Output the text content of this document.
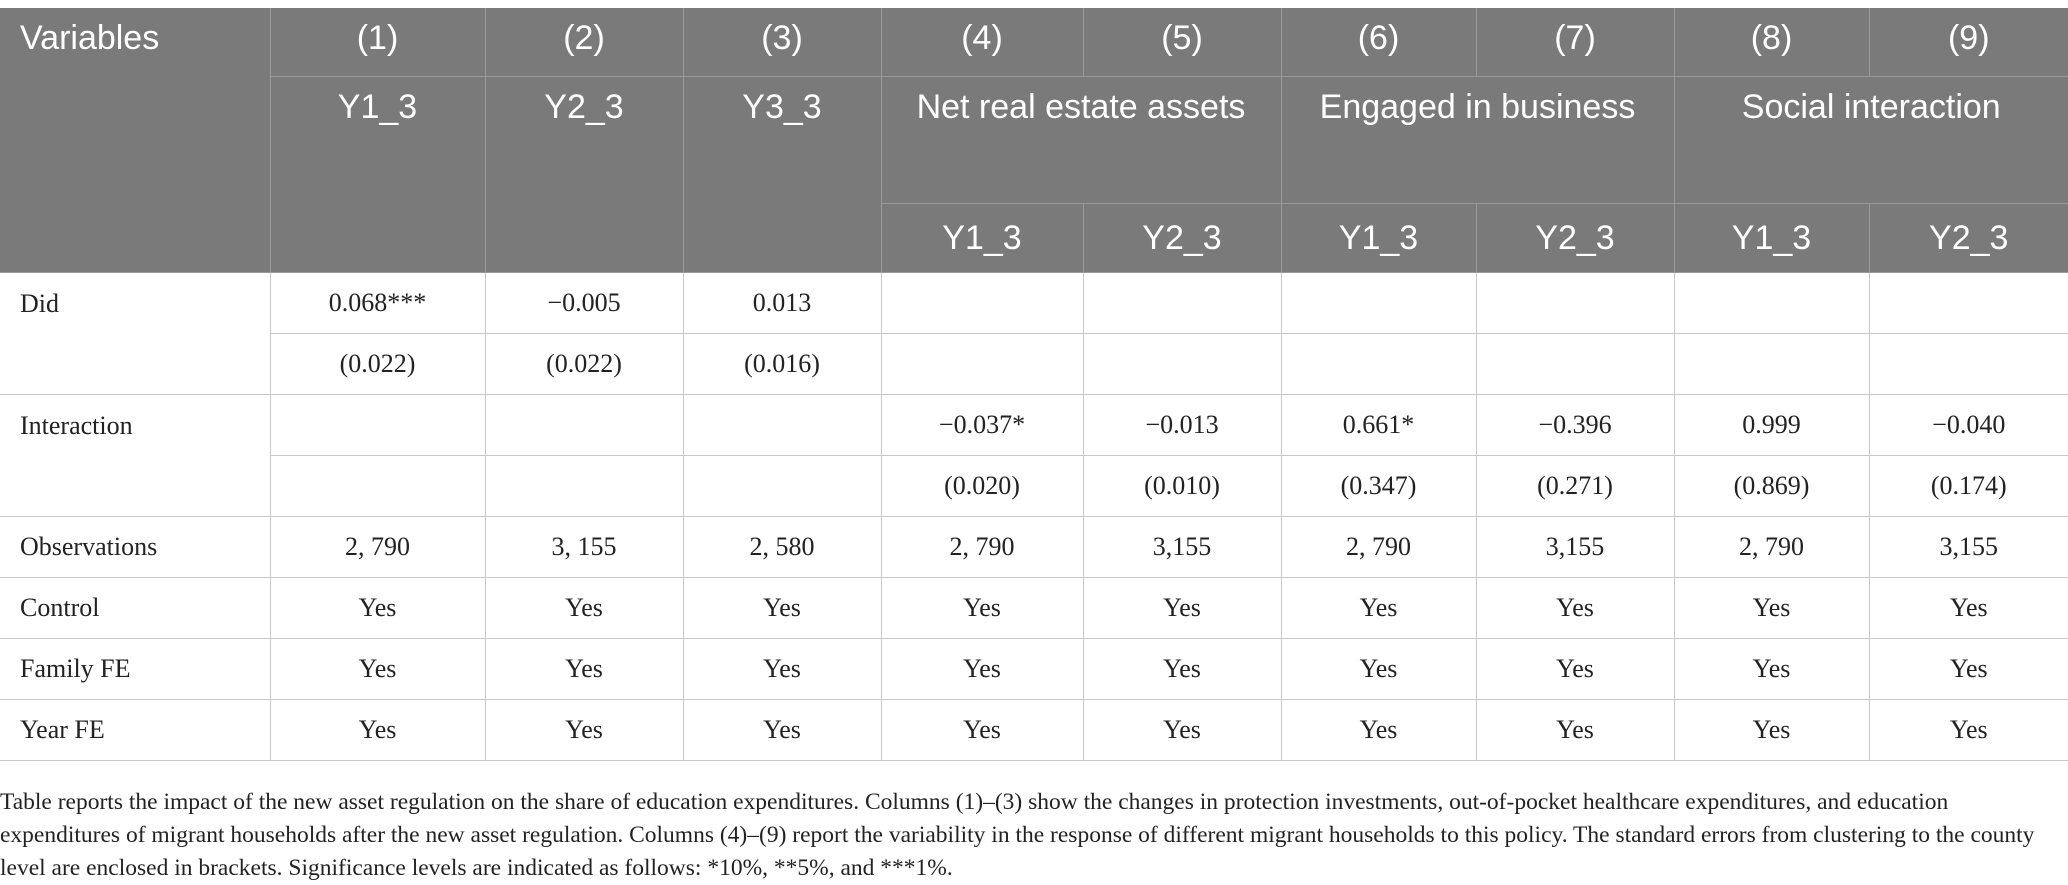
Variables	(1)	(2)	(3)	(4)	(5)	(6)	(7)	(8)	(9)
	Y1_3	Y2_3	Y3_3	Net real estate assets		Engaged in business		Social interaction	
				Y1_3	Y2_3	Y1_3	Y2_3	Y1_3	Y2_3
Did	0.068***	−0.005	0.013						
	(0.022)	(0.022)	(0.016)						
Interaction				−0.037*	−0.013	0.661*	−0.396	0.999	−0.040
				(0.020)	(0.010)	(0.347)	(0.271)	(0.869)	(0.174)
Observations	2, 790	3, 155	2, 580	2, 790	3,155	2, 790	3,155	2, 790	3,155
Control	Yes	Yes	Yes	Yes	Yes	Yes	Yes	Yes	Yes
Family FE	Yes	Yes	Yes	Yes	Yes	Yes	Yes	Yes	Yes
Year FE	Yes	Yes	Yes	Yes	Yes	Yes	Yes	Yes	Yes

Table reports the impact of the new asset regulation on the share of education expenditures. Columns (1)–(3) show the changes in protection investments, out-of-pocket healthcare expenditures, and education expenditures of migrant households after the new asset regulation. Columns (4)–(9) report the variability in the response of different migrant households to this policy. The standard errors from clustering to the county level are enclosed in brackets. Significance levels are indicated as follows: *10%, **5%, and ***1%.
